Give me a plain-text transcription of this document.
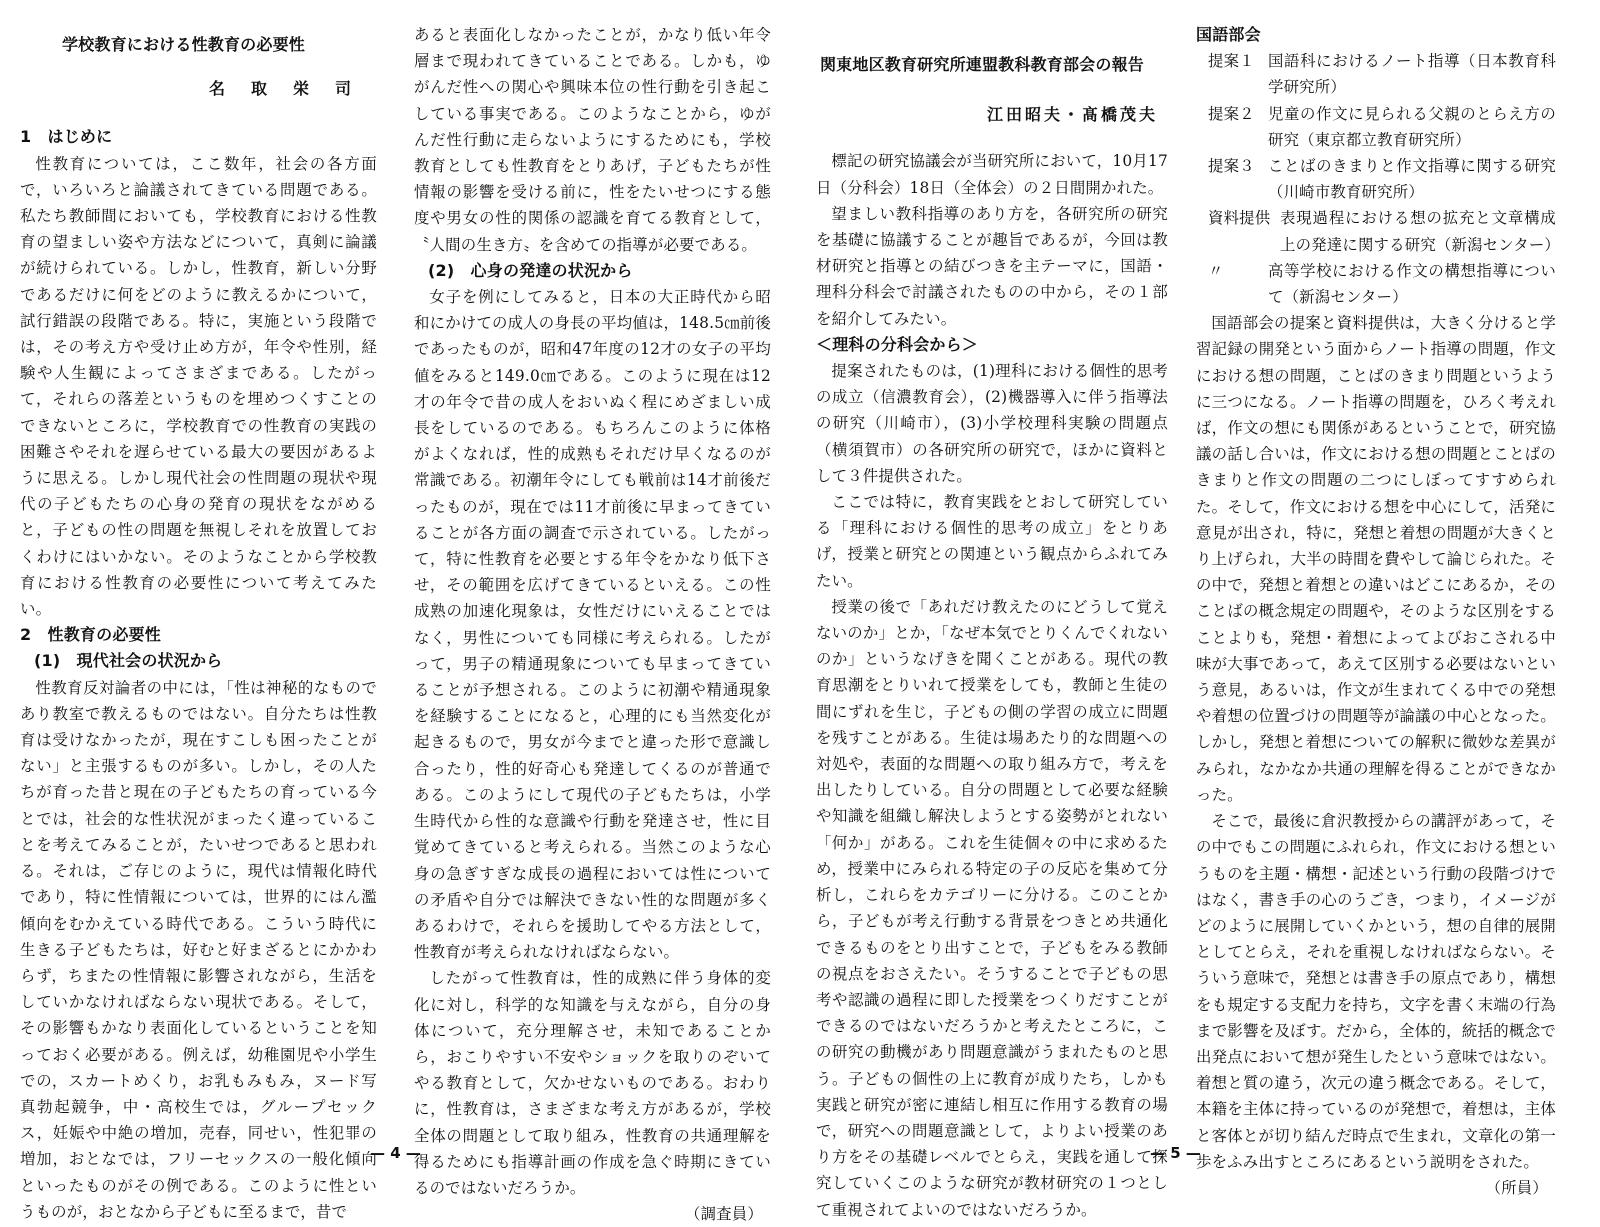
学校教育における性教育の必要性
名取栄司
1　はじめに

性教育については，ここ数年，社会の各方面で，いろいろと論議されてきている問題である。私たち教師間においても，学校教育における性教育の望ましい姿や方法などについて，真剣に論議が続けられている。しかし，性教育，新しい分野であるだけに何をどのように教えるかについて，試行錯誤の段階である。特に，実施という段階では，その考え方や受け止め方が，年令や性別，経験や人生観によってさまざまである。したがって，それらの落差というものを埋めつくすことのできないところに，学校教育での性教育の実践の困難さやそれを遅らせている最大の要因があるように思える。しかし現代社会の性問題の現状や現代の子どもたちの心身の発育の現状をながめると，子どもの性の問題を無視しそれを放置しておくわけにはいかない。そのようなことから学校教育における性教育の必要性について考えてみたい。

2　性教育の必要性
(1)　現代社会の状況から

性教育反対論者の中には，「性は神秘的なものであり教室で教えるものではない。自分たちは性教育は受けなかったが，現在すこしも困ったことがない」と主張するものが多い。しかし，その人たちが育った昔と現在の子どもたちの育っている今とでは，社会的な性状況がまったく違っていることを考えてみることが，たいせつであると思われる。それは，ご存じのように，現代は情報化時代であり，特に性情報については，世界的にはん濫傾向をむかえている時代である。こういう時代に生きる子どもたちは，好むと好まざるとにかかわらず，ちまたの性情報に影響されながら，生活をしていかなければならない現状である。そして，その影響もかなり表面化しているということを知っておく必要がある。例えば，幼稚園児や小学生での，スカートめくり，お乳もみもみ，ヌード写真勃起競争，中・高校生では，グループセックス，妊娠や中絶の増加，売春，同せい，性犯罪の増加，おとなでは，フリーセックスの一般化傾向といったものがその例である。このように性というものが，おとなから子どもに至るまで，昔で

あると表面化しなかったことが，かなり低い年令層まで現われてきていることである。しかも，ゆがんだ性への関心や興味本位の性行動を引き起こしている事実である。このようなことから，ゆがんだ性行動に走らないようにするためにも，学校教育としても性教育をとりあげ，子どもたちが性情報の影響を受ける前に，性をたいせつにする態度や男女の性的関係の認識を育てる教育として，〝人間の生き方〟を含めての指導が必要である。

(2)　心身の発達の状況から

女子を例にしてみると，日本の大正時代から昭和にかけての成人の身長の平均値は，148.5㎝前後であったものが，昭和47年度の12才の女子の平均値をみると149.0㎝である。このように現在は12才の年令で昔の成人をおいぬく程にめざましい成長をしているのである。もちろんこのように体格がよくなれば，性的成熟もそれだけ早くなるのが常識である。初潮年令にしても戦前は14才前後だったものが，現在では11才前後に早まってきていることが各方面の調査で示されている。したがって，特に性教育を必要とする年令をかなり低下させ，その範囲を広げてきているといえる。この性成熟の加速化現象は，女性だけにいえることではなく，男性についても同様に考えられる。したがって，男子の精通現象についても早まってきていることが予想される。このように初潮や精通現象を経験することになると，心理的にも当然変化が起きるもので，男女が今までと違った形で意識し合ったり，性的好奇心も発達してくるのが普通である。このようにして現代の子どもたちは，小学生時代から性的な意識や行動を発達させ，性に目覚めてきていると考えられる。当然このような心身の急ぎすぎな成長の過程においては性についての矛盾や自分では解決できない性的な問題が多くあるわけで，それらを援助してやる方法として，性教育が考えられなければならない。

したがって性教育は，性的成熟に伴う身体的変化に対し，科学的な知識を与えながら，自分の身体について，充分理解させ，未知であることから，おこりやすい不安やショックを取りのぞいてやる教育として，欠かせないものである。おわりに，性教育は，さまざまな考え方があるが，学校全体の問題として取り組み，性教育の共通理解を得るためにも指導計画の作成を急ぐ時期にきているのではないだろうか。

（調査員）

— 4 —
関東地区教育研究所連盟教科教育部会の報告
江田昭夫・髙橋茂夫

標記の研究協議会が当研究所において，10月17日（分科会）18日（全体会）の２日間開かれた。

望ましい教科指導のあり方を，各研究所の研究を基礎に協議することが趣旨であるが，今回は教材研究と指導との結びつきを主テーマに，国語・理科分科会で討議されたものの中から，その１部を紹介してみたい。

＜理科の分科会から＞

提案されたものは，(1)理科における個性的思考の成立（信濃教育会），(2)機器導入に伴う指導法の研究（川崎市），(3)小学校理科実験の問題点（横須賀市）の各研究所の研究で，ほかに資料として３件提供された。

ここでは特に，教育実践をとおして研究している「理科における個性的思考の成立」をとりあげ，授業と研究との関連という観点からふれてみたい。

授業の後で「あれだけ教えたのにどうして覚えないのか」とか，「なぜ本気でとりくんでくれないのか」というなげきを聞くことがある。現代の教育思潮をとりいれて授業をしても，教師と生徒の間にずれを生じ，子どもの側の学習の成立に問題を残すことがある。生徒は場あたり的な問題への対処や，表面的な問題への取り組み方で，考えを出したりしている。自分の問題として必要な経験や知識を組織し解決しようとする姿勢がとれない「何か」がある。これを生徒個々の中に求めるため，授業中にみられる特定の子の反応を集めて分析し，これらをカテゴリーに分ける。このことから，子どもが考え行動する背景をつきとめ共通化できるものをとり出すことで，子どもをみる教師の視点をおさえたい。そうすることで子どもの思考や認識の過程に即した授業をつくりだすことができるのではないだろうかと考えたところに，この研究の動機があり問題意識がうまれたものと思う。子どもの個性の上に教育が成りたち，しかも実践と研究が密に連結し相互に作用する教育の場で，研究への問題意識として，よりよい授業のあり方をその基礎レベルでとらえ，実践を通して探究していくこのような研究が教材研究の１つとして重視されてよいのではないだろうか。

国語部会
提案１ 国語科におけるノート指導（日本教育科学研究所）
提案２ 児童の作文に見られる父親のとらえ方の研究（東京都立教育研究所）
提案３ ことばのきまりと作文指導に関する研究（川崎市教育研究所）
資料提供 表現過程における想の拡充と文章構成上の発達に関する研究（新潟センター）
〃	高等学校における作文の構想指導について（新潟センター）

国語部会の提案と資料提供は，大きく分けると学習記録の開発という面からノート指導の問題，作文における想の問題，ことばのきまり問題というように三つになる。ノート指導の問題を，ひろく考えれば，作文の想にも関係があるということで，研究協議の話し合いは，作文における想の問題とことばのきまりと作文の問題の二つにしぼってすすめられた。そして，作文における想を中心にして，活発に意見が出され，特に，発想と着想の問題が大きくとり上げられ，大半の時間を費やして論じられた。その中で，発想と着想との違いはどこにあるか，そのことばの概念規定の問題や，そのような区別をすることよりも，発想・着想によってよびおこされる中味が大事であって，あえて区別する必要はないという意見，あるいは，作文が生まれてくる中での発想や着想の位置づけの問題等が論議の中心となった。しかし，発想と着想についての解釈に微妙な差異がみられ，なかなか共通の理解を得ることができなかった。

そこで，最後に倉沢教授からの講評があって，その中でもこの問題にふれられ，作文における想というものを主題・構想・記述という行動の段階づけではなく，書き手の心のうごき，つまり，イメージがどのように展開していくかという，想の自律的展開としてとらえ，それを重視しなければならない。そういう意味で，発想とは書き手の原点であり，構想をも規定する支配力を持ち，文字を書く末端の行為まで影響を及ぼす。だから，全体的，統括的概念で出発点において想が発生したという意味ではない。着想と質の違う，次元の違う概念である。そして，本籍を主体に持っているのが発想で，着想は，主体と客体とが切り結んだ時点で生まれ，文章化の第一歩をふみ出すところにあるという説明をされた。

（所員）

— 5 —
